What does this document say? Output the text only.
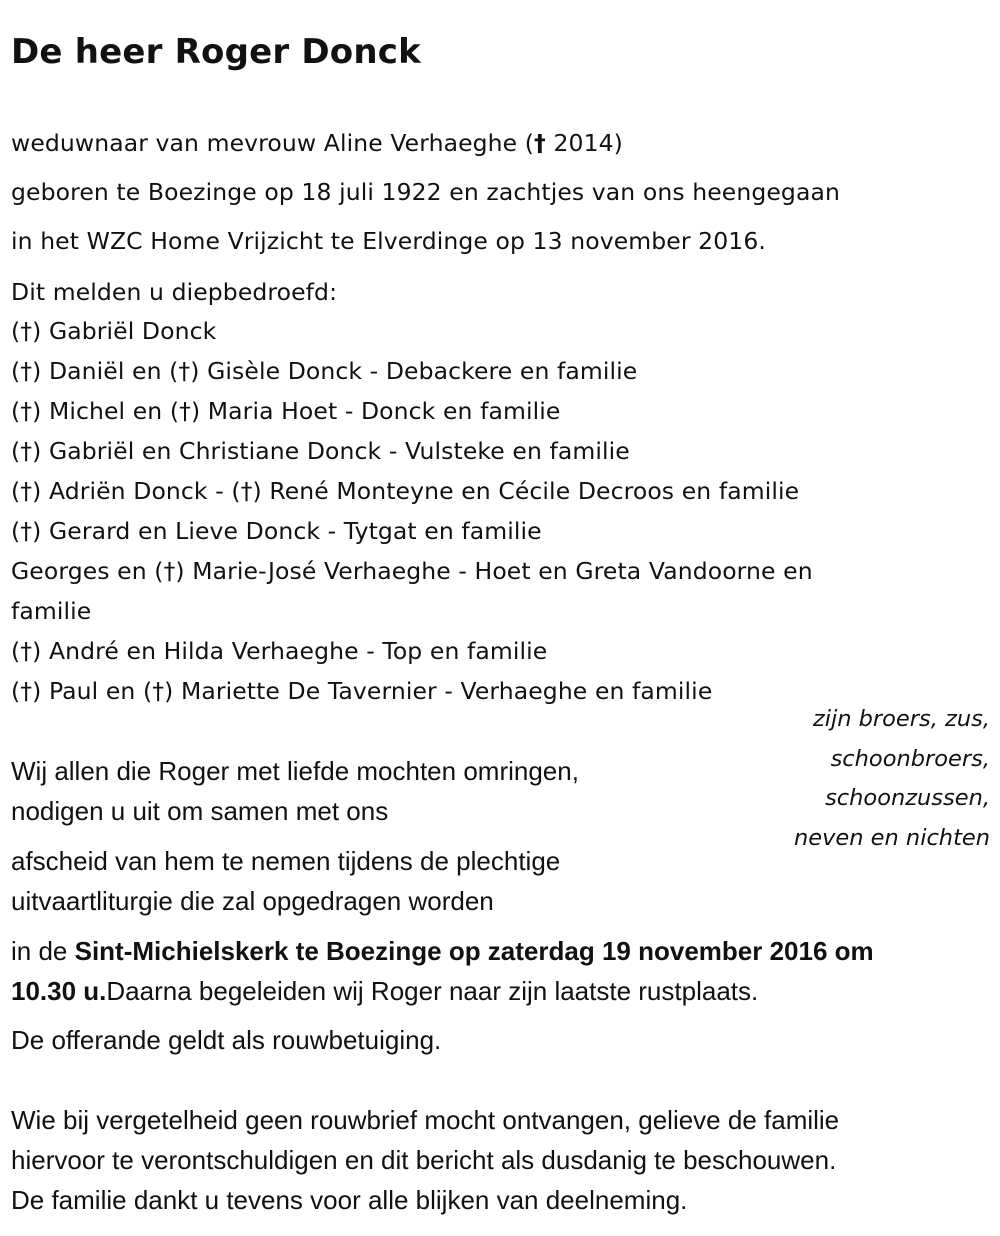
De heer Roger Donck

weduwnaar van mevrouw Aline Verhaeghe († 2014)

geboren te Boezinge op 18 juli 1922 en zachtjes van ons heengegaan

in het WZC Home Vrijzicht te Elverdinge op 13 november 2016.

Dit melden u diepbedroefd:

(†) Gabriël Donck

(†) Daniël en (†) Gisèle Donck - Debackere en familie

(†) Michel en (†) Maria Hoet - Donck en familie

(†) Gabriël en Christiane Donck - Vulsteke en familie

(†) Adriën Donck - (†) René Monteyne en Cécile Decroos en familie

(†) Gerard en Lieve Donck - Tytgat en familie

Georges en (†) Marie-José Verhaeghe - Hoet en Greta Vandoorne en

familie

(†) André en Hilda Verhaeghe - Top en familie

(†) Paul en (†) Mariette De Tavernier - Verhaeghe en familie

zijn broers, zus,
schoonbroers,
schoonzussen,
neven en nichten

Wij allen die Roger met liefde mochten omringen,

nodigen u uit om samen met ons

afscheid van hem te nemen tijdens de plechtige

uitvaartliturgie die zal opgedragen worden

in de Sint-Michielskerk te Boezinge op zaterdag 19 november 2016 om

10.30 u.Daarna begeleiden wij Roger naar zijn laatste rustplaats.

De offerande geldt als rouwbetuiging.

Wie bij vergetelheid geen rouwbrief mocht ontvangen, gelieve de familie

hiervoor te verontschuldigen en dit bericht als dusdanig te beschouwen.

De familie dankt u tevens voor alle blijken van deelneming.
